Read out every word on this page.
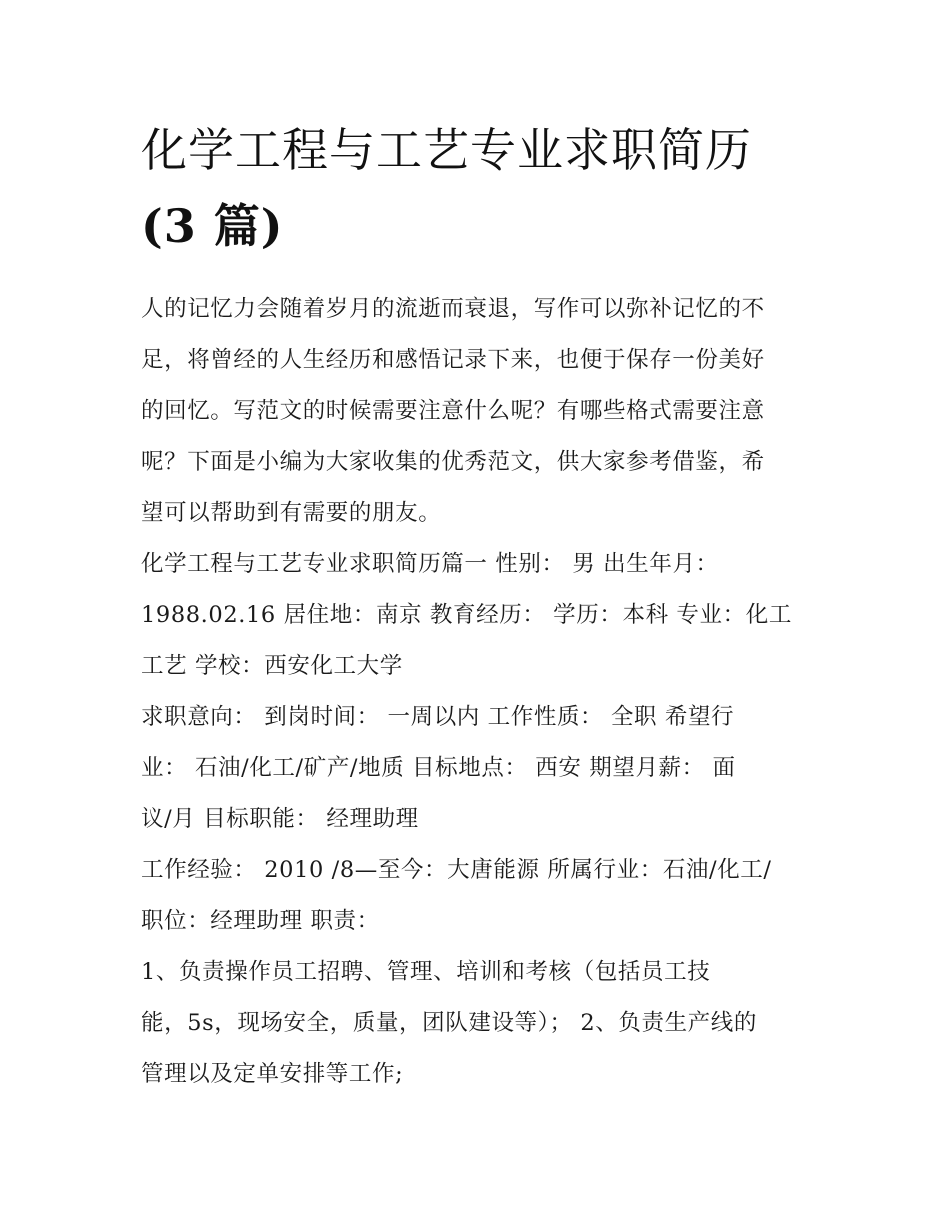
化学工程与工艺专业求职简历
(3 篇)

人的记忆力会随着岁月的流逝而衰退，写作可以弥补记忆的不
足，将曾经的人生经历和感悟记录下来，也便于保存一份美好
的回忆。写范文的时候需要注意什么呢？有哪些格式需要注意
呢？下面是小编为大家收集的优秀范文，供大家参考借鉴，希
望可以帮助到有需要的朋友。

化学工程与工艺专业求职简历篇一 性别： 男 出生年月：
1988.02.16 居住地：南京 教育经历： 学历：本科 专业：化工
工艺 学校：西安化工大学

求职意向： 到岗时间： 一周以内 工作性质： 全职 希望行
业： 石油/化工/矿产/地质 目标地点： 西安 期望月薪： 面
议/月 目标职能： 经理助理

工作经验： 2010 /8—至今：大唐能源 所属行业：石油/化工/
职位：经理助理 职责：

1、负责操作员工招聘、管理、培训和考核（包括员工技
能，5s，现场安全，质量，团队建设等）； 2、负责生产线的
管理以及定单安排等工作;
